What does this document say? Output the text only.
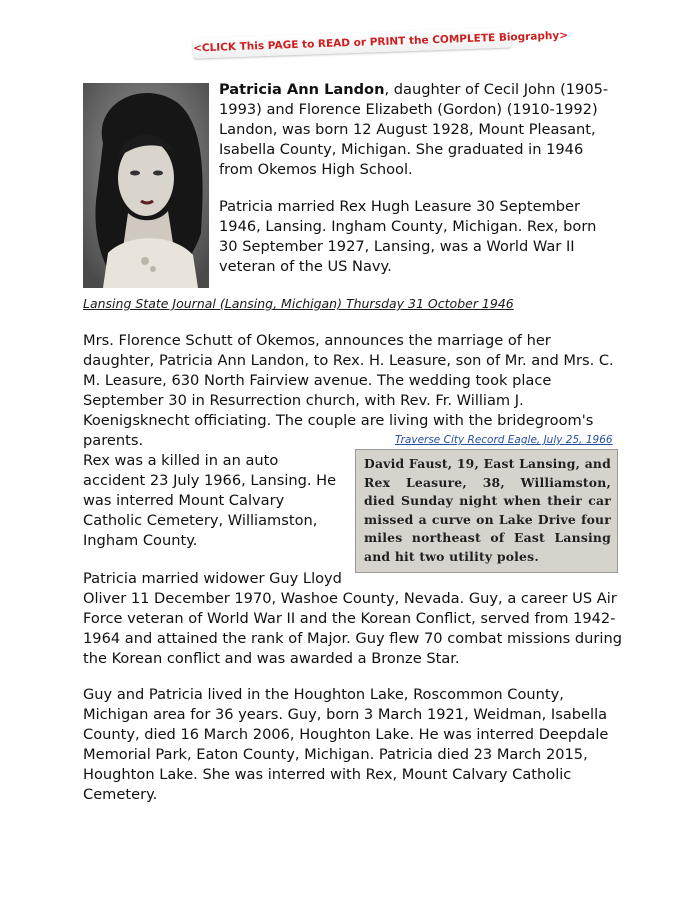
<CLICK This PAGE to READ or PRINT the COMPLETE Biography>

Patricia Ann Landon, daughter of Cecil John (1905-1993) and Florence Elizabeth (Gordon) (1910-1992) Landon, was born 12 August 1928, Mount Pleasant, Isabella County, Michigan. She graduated in 1946 from Okemos High School.

Patricia married Rex Hugh Leasure 30 September 1946, Lansing. Ingham County, Michigan. Rex, born 30 September 1927, Lansing, was a World War II veteran of the US Navy.

Lansing State Journal (Lansing, Michigan) Thursday 31 October 1946

Mrs. Florence Schutt of Okemos, announces the marriage of her daughter, Patricia Ann Landon, to Rex. H. Leasure, son of Mr. and Mrs. C. M. Leasure, 630 North Fairview avenue. The wedding took place September 30 in Resurrection church, with Rev. Fr. William J. Koenigsknecht officiating. The couple are living with the bridegroom's parents.	Traverse City Record Eagle, July 25, 1966
David Faust, 19, East Lansing, and Rex Leasure, 38, Williamston, died Sunday night when their car missed a curve on Lake Drive four miles northeast of East Lansing and hit two utility poles.

Rex was a killed in an auto accident 23 July 1966, Lansing. He was interred Mount Calvary Catholic Cemetery, Williamston, Ingham County.

Patricia married widower Guy Lloyd

Oliver 11 December 1970, Washoe County, Nevada. Guy, a career US Air Force veteran of World War II and the Korean Conflict, served from 1942-1964 and attained the rank of Major. Guy flew 70 combat missions during the Korean conflict and was awarded a Bronze Star.

Guy and Patricia lived in the Houghton Lake, Roscommon County, Michigan area for 36 years. Guy, born 3 March 1921, Weidman, Isabella County, died 16 March 2006, Houghton Lake. He was interred Deepdale Memorial Park, Eaton County, Michigan. Patricia died 23 March 2015, Houghton Lake. She was interred with Rex, Mount Calvary Catholic Cemetery.
